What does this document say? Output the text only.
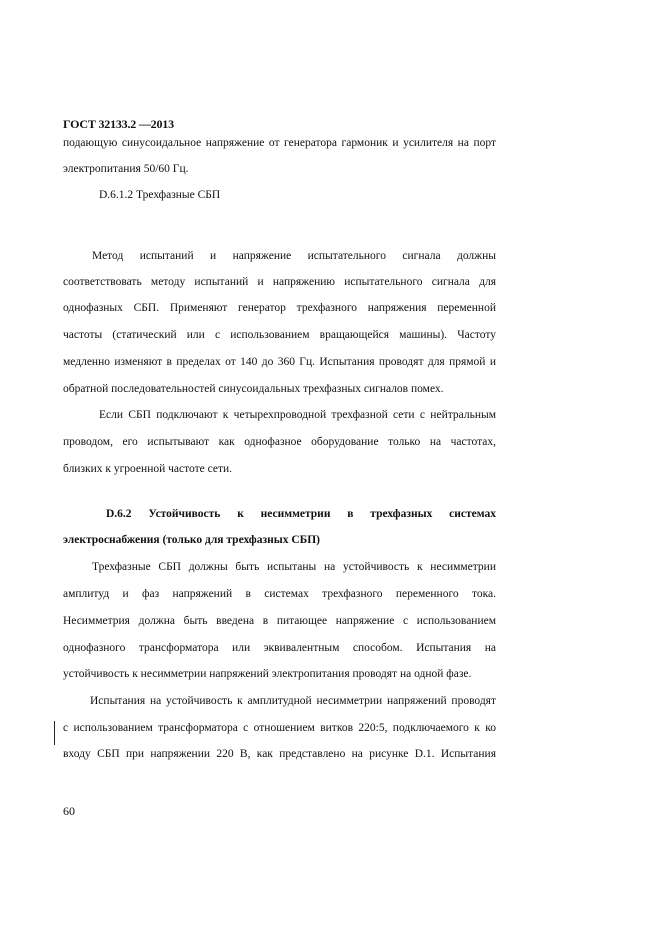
ГОСТ 32133.2 —2013
подающую синусоидальное напряжение от генератора гармоник и усилителя на порт
электропитания 50/60 Гц.
D.6.1.2 Трехфазные СБП
Метод испытаний и напряжение испытательного сигнала должны
соответствовать методу испытаний и напряжению испытательного сигнала для
однофазных СБП. Применяют генератор трехфазного напряжения переменной
частоты (статический или с использованием вращающейся машины). Частоту
медленно изменяют в пределах от 140 до 360 Гц. Испытания проводят для прямой и
обратной последовательностей синусоидальных трехфазных сигналов помех.
Если СБП подключают к четырехпроводной трехфазной сети с нейтральным
проводом, его испытывают как однофазное оборудование только на частотах,
близких к угроенной частоте сети.
D.6.2 Устойчивость к несимметрии в трехфазных системах
электроснабжения (только для трехфазных СБП)
Трехфазные СБП должны быть испытаны на устойчивость к несимметрии
амплитуд и фаз напряжений в системах трехфазного переменного тока.
Несимметрия должна быть введена в питающее напряжение с использованием
однофазного трансформатора или эквивалентным способом. Испытания на
устойчивость к несимметрии напряжений электропитания проводят на одной фазе.
Испытания на устойчивость к амплитудной несимметрии напряжений проводят
с использованием трансформатора с отношением витков 220:5, подключаемого к ко
входу СБП при напряжении 220 В, как представлено на рисунке D.1. Испытания
60
